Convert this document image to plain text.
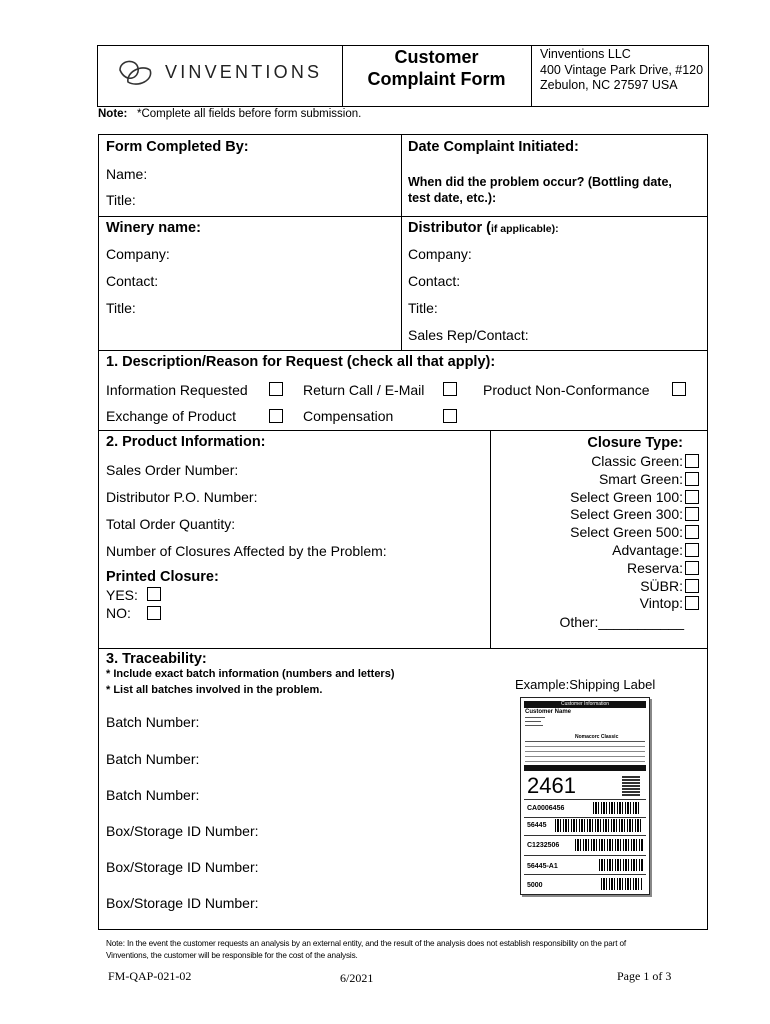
VINVENTIONS
Customer
Complaint Form
Vinventions LLC
400 Vintage Park Drive, #120
Zebulon, NC 27597 USA
Note: *Complete all fields before form submission.
Form Completed By:
Name:
Title:
Date Complaint Initiated:
When did the problem occur? (Bottling date,
test date, etc.):
Winery name:
Company:
Contact:
Title:
Distributor (if applicable):
Company:
Contact:
Title:
Sales Rep/Contact:
1. Description/Reason for Request (check all that apply):
Information Requested	Return Call / E-Mail	Product Non-Conformance
Exchange of Product	Compensation
2. Product Information:
Sales Order Number:
Distributor P.O. Number:
Total Order Quantity:
Number of Closures Affected by the Problem:
Printed Closure:
YES:
NO:
Closure Type:
Classic Green:
Smart Green:
Select Green 100:
Select Green 300:
Select Green 500:
Advantage:
Reserva:
SÜBR:
Vintop:
Other:___________
3. Traceability:
* Include exact batch information (numbers and letters)
* List all batches involved in the problem.
Batch Number:
Batch Number:
Batch Number:
Box/Storage ID Number:
Box/Storage ID Number:
Box/Storage ID Number:
Example:Shipping Label
Customer Information
Customer Name
Nomacorc Classic
2461
CA0006456
56445
C1232506
56445-A1
5000
Note: In the event the customer requests an analysis by an external entity, and the result of the analysis does not establish responsibility on the part of
Vinventions, the customer will be responsible for the cost of the analysis.
FM-QAP-021-02	6/2021	Page 1 of 3
